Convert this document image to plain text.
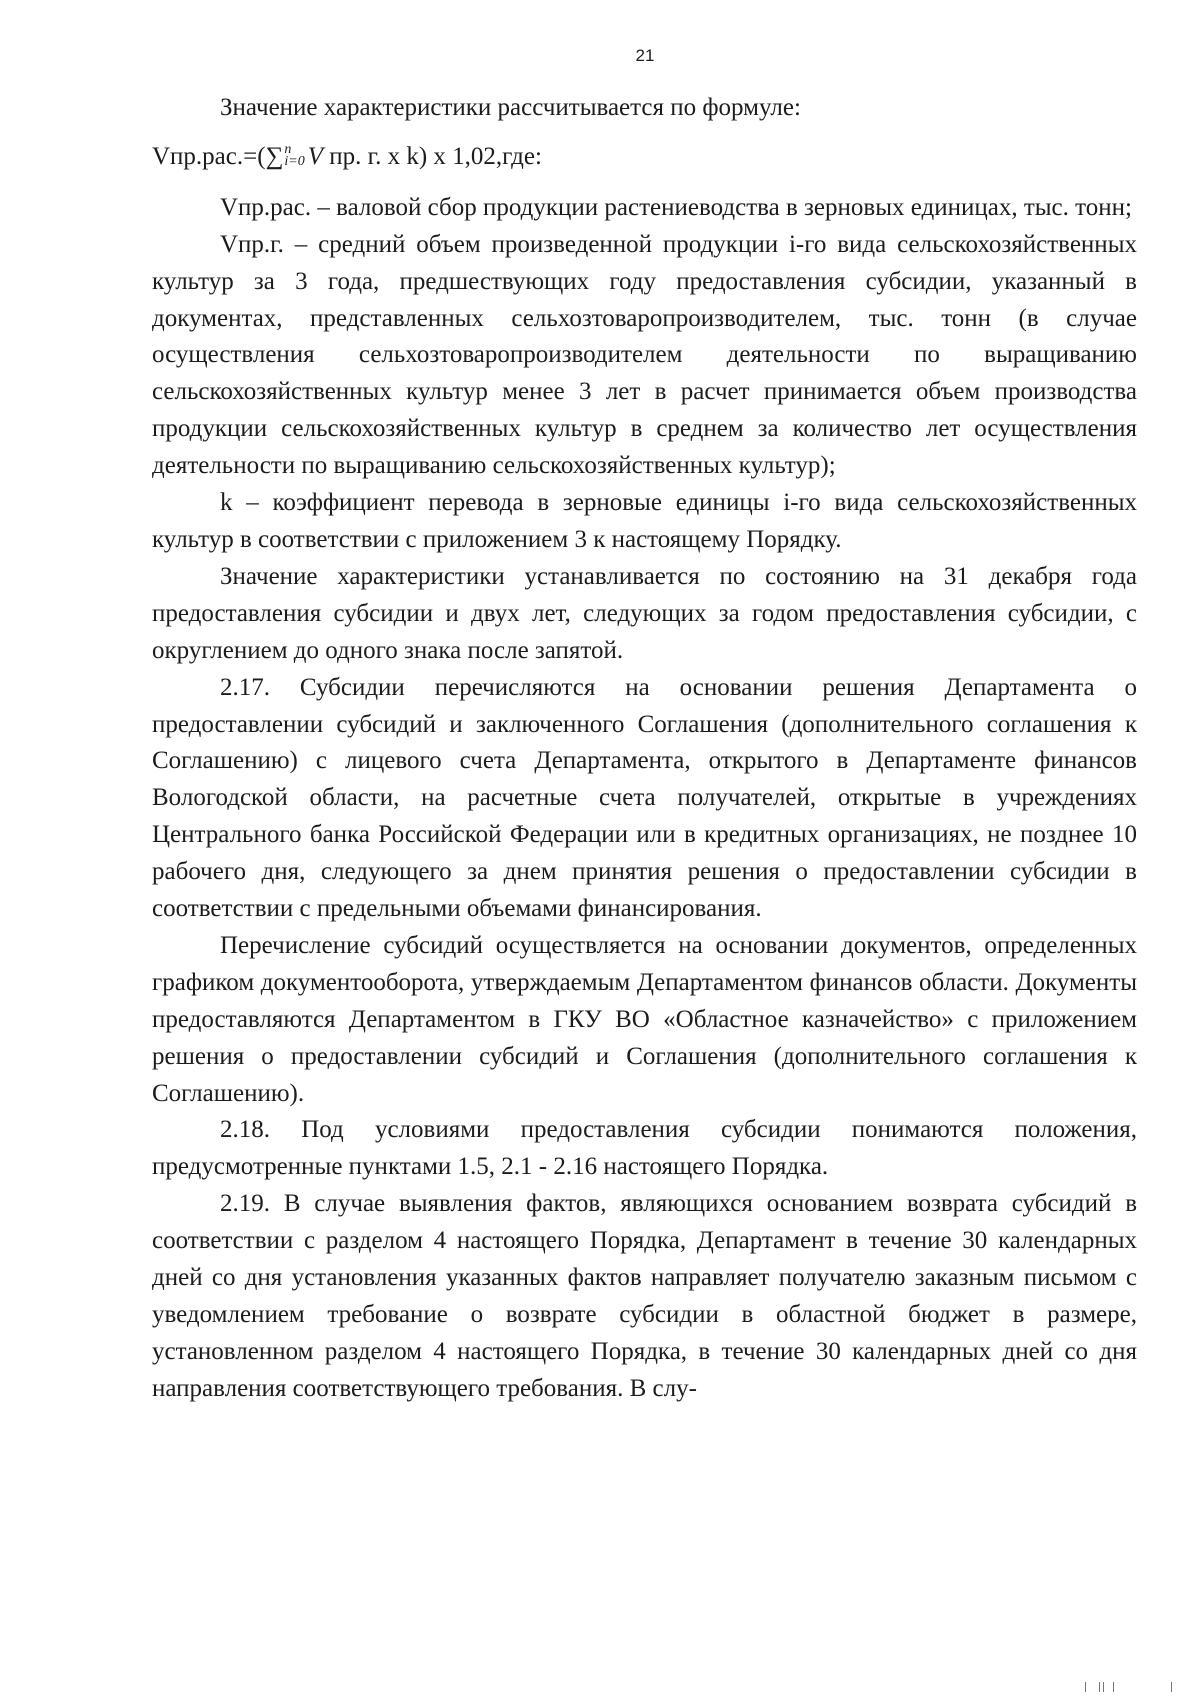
21

Значение характеристики рассчитывается по формуле:

Vпр.рас.=(∑ n
i=0 V пр. г. x k) x 1,02,где:

Vпр.рас. – валовой сбор продукции растениеводства в зерновых единицах, тыс. тонн;

Vпр.г. – средний объем произведенной продукции i-го вида сельскохозяйственных культур за 3 года, предшествующих году предоставления субсидии, указанный в документах, представленных сельхозтоваропроизводителем, тыс. тонн (в случае осуществления сельхозтоваропроизводителем деятельности по выращиванию сельскохозяйственных культур менее 3 лет в расчет принимается объем производства продукции сельскохозяйственных культур в среднем за количество лет осуществления деятельности по выращиванию сельскохозяйственных культур);

k – коэффициент перевода в зерновые единицы i-го вида сельскохозяйственных культур в соответствии с приложением 3 к настоящему Порядку.

Значение характеристики устанавливается по состоянию на 31 декабря года предоставления субсидии и двух лет, следующих за годом предоставления субсидии, с округлением до одного знака после запятой.

2.17. Субсидии перечисляются на основании решения Департамента о предоставлении субсидий и заключенного Соглашения (дополнительного соглашения к Соглашению) с лицевого счета Департамента, открытого в Департаменте финансов Вологодской области, на расчетные счета получателей, открытые в учреждениях Центрального банка Российской Федерации или в кредитных организациях, не позднее 10 рабочего дня, следующего за днем принятия решения о предоставлении субсидии в соответствии с предельными объемами финансирования.

Перечисление субсидий осуществляется на основании документов, определенных графиком документооборота, утверждаемым Департаментом финансов области. Документы предоставляются Департаментом в ГКУ ВО «Областное казначейство» с приложением решения о предоставлении субсидий и Соглашения (дополнительного соглашения к Соглашению).

2.18. Под условиями предоставления субсидии понимаются положения, предусмотренные пунктами 1.5, 2.1 - 2.16 настоящего Порядка.

2.19. В случае выявления фактов, являющихся основанием возврата субсидий в соответствии с разделом 4 настоящего Порядка, Департамент в течение 30 календарных дней со дня установления указанных фактов направляет получателю заказным письмом с уведомлением требование о возврате субсидии в областной бюджет в размере, установленном разделом 4 настоящего Порядка, в течение 30 календарных дней со дня направления соответствующего требования. В слу-
